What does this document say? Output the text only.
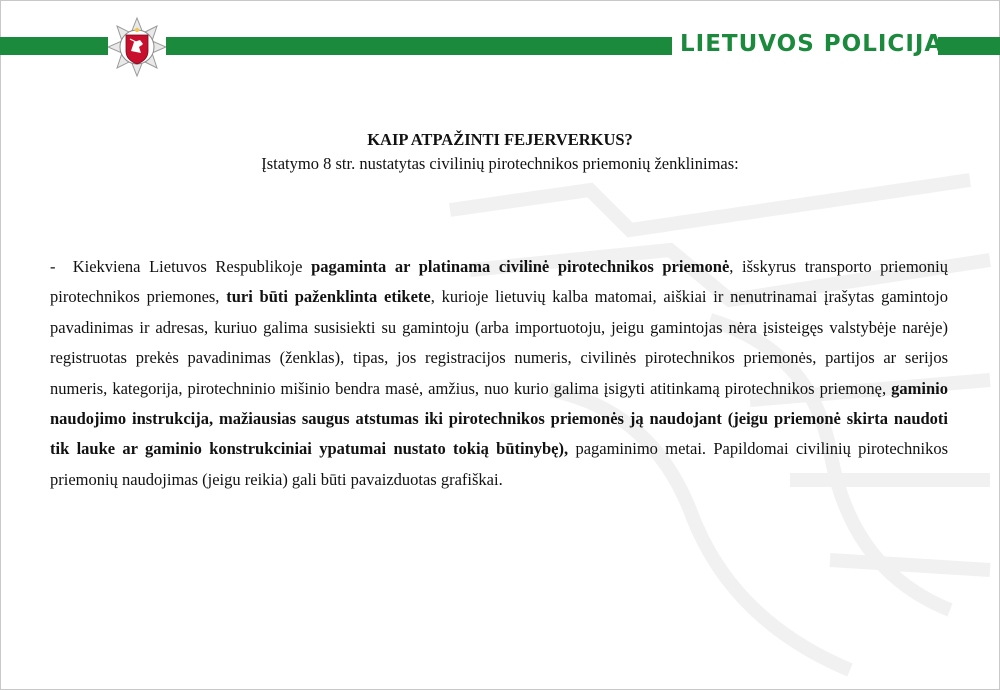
LIETUVOS POLICIJA
KAIP ATPAŽINTI FEJERVERKUS?
Įstatymo 8 str. nustatytas civilinių pirotechnikos priemonių ženklinimas:
- Kiekviena Lietuvos Respublikoje pagaminta ar platinama civilinė pirotechnikos priemonė, išskyrus transporto priemonių pirotechnikos priemones, turi būti paženklinta etikete, kurioje lietuvių kalba matomai, aiškiai ir nenutrinamai įrašytas gamintojo pavadinimas ir adresas, kuriuo galima susisiekti su gamintoju (arba importuotoju, jeigu gamintojas nėra įsisteigęs valstybėje narėje) registruotas prekės pavadinimas (ženklas), tipas, jos registracijos numeris, civilinės pirotechnikos priemonės, partijos ar serijos numeris, kategorija, pirotechninio mišinio bendra masė, amžius, nuo kurio galima įsigyti atitinkamą pirotechnikos priemonę, gaminio naudojimo instrukcija, mažiausias saugus atstumas iki pirotechnikos priemonės ją naudojant (jeigu priemonė skirta naudoti tik lauke ar gaminio konstrukciniai ypatumai nustato tokią būtinybę), pagaminimo metai. Papildomai civilinių pirotechnikos priemonių naudojimas (jeigu reikia) gali būti pavaizduotas grafiškai.
